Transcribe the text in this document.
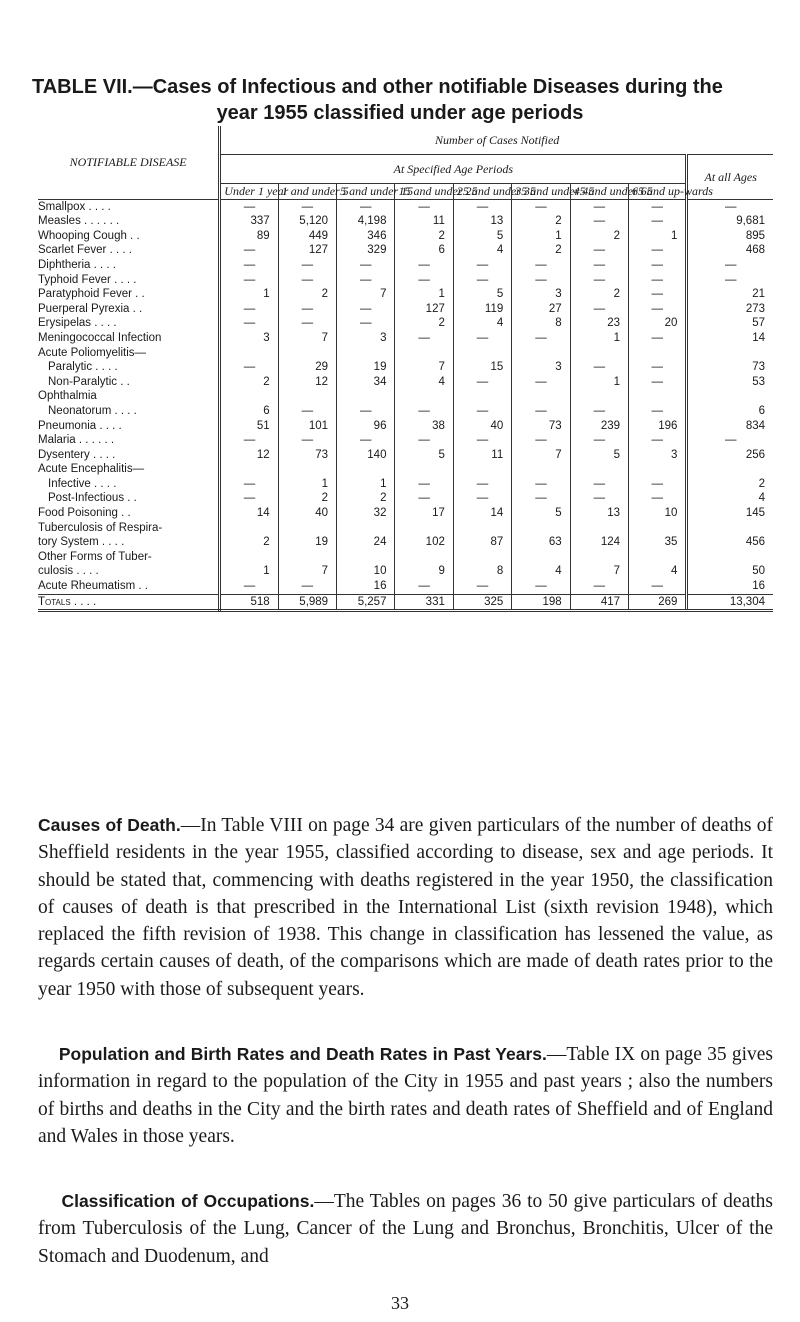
TABLE VII.—Cases of Infectious and other notifiable Diseases during the
year 1955 classified under age periods
NOTIFIABLE DISEASE	Number of Cases Notified								
	At Specified Age Periods								At all Ages
	Under 1 year	1 and under 5	5 and under 15	15 and under 25	25 and under 35	35 and under 45	45 and under 65	65 and up-wards	
Smallpox . . . .	—	—	—	—	—	—	—	—	—
Measles . . . . . .	337	5,120	4,198	11	13	2	—	—	9,681
Whooping Cough . .	89	449	346	2	5	1	2	1	895
Scarlet Fever . . . .	—	127	329	6	4	2	—	—	468
Diphtheria . . . .	—	—	—	—	—	—	—	—	—
Typhoid Fever . . . .	—	—	—	—	—	—	—	—	—
Paratyphoid Fever . .	1	2	7	1	5	3	2	—	21
Puerperal Pyrexia . .	—	—	—	127	119	27	—	—	273
Erysipelas . . . .	—	—	—	2	4	8	23	20	57
Meningococcal Infection	3	7	3	—	—	—	1	—	14
Acute Poliomyelitis—									
Paralytic . . . .	—	29	19	7	15	3	—	—	73
Non-Paralytic . .	2	12	34	4	—	—	1	—	53
Ophthalmia									
Neonatorum . . . .	6	—	—	—	—	—	—	—	6
Pneumonia . . . .	51	101	96	38	40	73	239	196	834
Malaria . . . . . .	—	—	—	—	—	—	—	—	—
Dysentery . . . .	12	73	140	5	11	7	5	3	256
Acute Encephalitis—									
Infective . . . .	—	1	1	—	—	—	—	—	2
Post-Infectious . .	—	2	2	—	—	—	—	—	4
Food Poisoning . .	14	40	32	17	14	5	13	10	145
Tuberculosis of Respira-									
tory System . . . .	2	19	24	102	87	63	124	35	456
Other Forms of Tuber-									
culosis . . . .	1	7	10	9	8	4	7	4	50
Acute Rheumatism . .	—	—	16	—	—	—	—	—	16
Totals . . . .	518	5,989	5,257	331	325	198	417	269	13,304

Causes of Death.—In Table VIII on page 34 are given particulars of the number of deaths of Sheffield residents in the year 1955, classified according to disease, sex and age periods. It should be stated that, commencing with deaths registered in the year 1950, the classification of causes of death is that prescribed in the International List (sixth revision 1948), which replaced the fifth revision of 1938. This change in classification has lessened the value, as regards certain causes of death, of the comparisons which are made of death rates prior to the year 1950 with those of subsequent years.

Population and Birth Rates and Death Rates in Past Years.—Table IX on page 35 gives information in regard to the population of the City in 1955 and past years ; also the numbers of births and deaths in the City and the birth rates and death rates of Sheffield and of England and Wales in those years.

Classification of Occupations.—The Tables on pages 36 to 50 give particulars of deaths from Tuberculosis of the Lung, Cancer of the Lung and Bronchus, Bronchitis, Ulcer of the Stomach and Duodenum, and

33
